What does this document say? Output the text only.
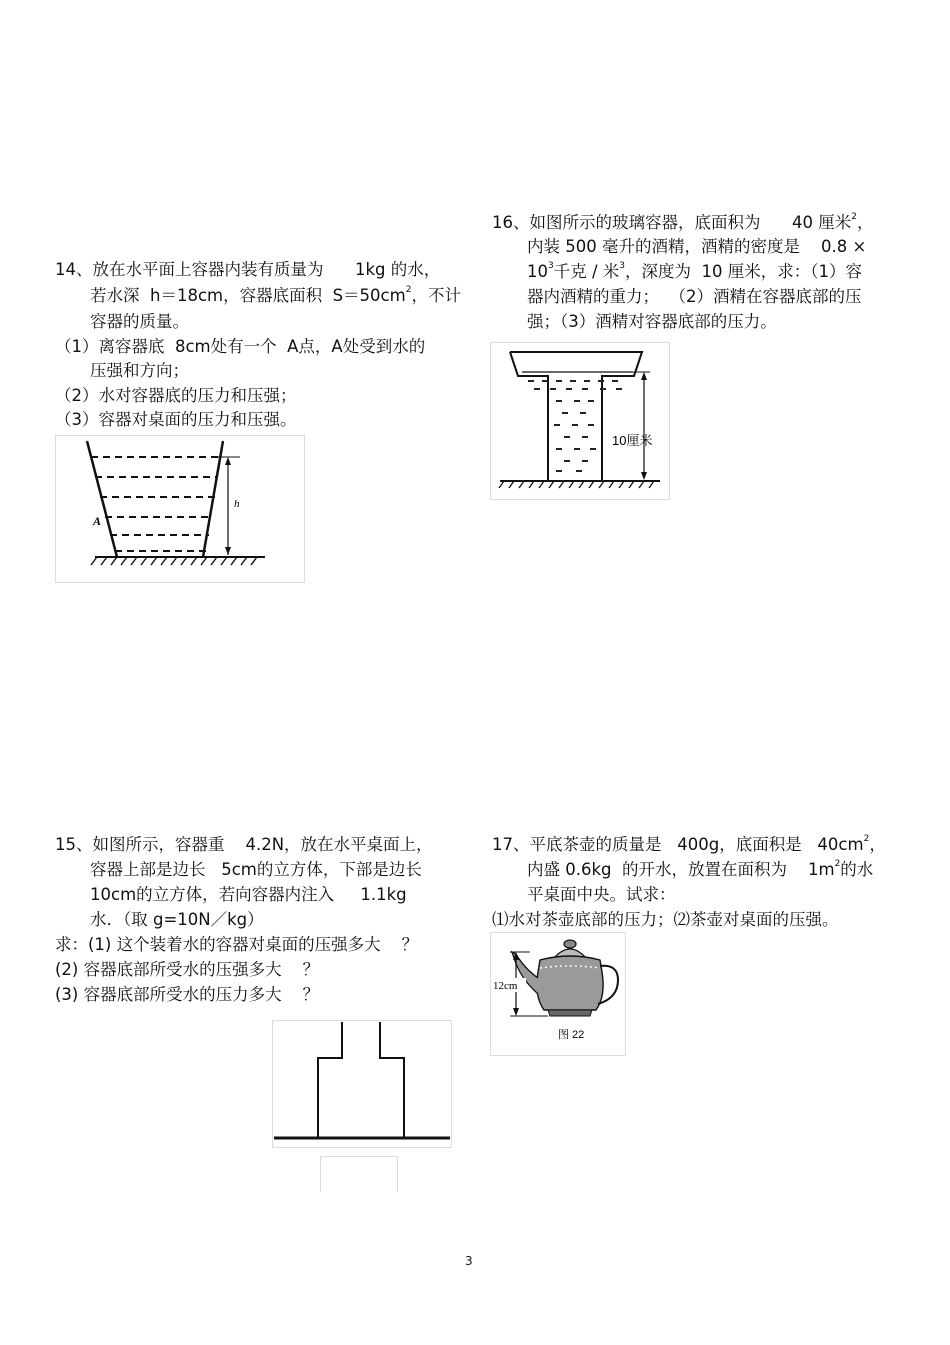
14、放在水平面上容器内装有质量为      1kg 的水，
若水深  h＝18cm，容器底面积  $S=50cm^2$，不计
容器的质量。
（1）离容器底  8cm处有一个  A点，A处受到水的
压强和方向；
（2）水对容器底的压力和压强；
（3）容器对桌面的压力和压强。
A
h
16、如图所示的玻璃容器，底面积为      40 厘米$^2$，
内装 500 毫升的酒精，酒精的密度是    0.8 ×
$10^3$千克 / 米$^3$，深度为  10 厘米，求：（1）容
器内酒精的重力；  （2）酒精在容器底部的压
强；（3）酒精对容器底部的压力。
10厘米
15、如图所示，容器重    4.2N，放在水平桌面上，
容器上部是边长   5cm的立方体，下部是边长
10cm的立方体，若向容器内注入     1.1kg
水．（取 g=10N／kg）
求：(1) 这个装着水的容器对桌面的压强多大    ？
(2) 容器底部所受水的压强多大    ？
(3) 容器底部所受水的压力多大    ？
17、平底茶壶的质量是   400g，底面积是   $40cm^2$，
内盛 0.6kg  的开水，放置在面积为    $1m^2$的水
平桌面中央。试求：
⑴水对茶壶底部的压力；⑵茶壶对桌面的压强。
12cm
图 22
3
